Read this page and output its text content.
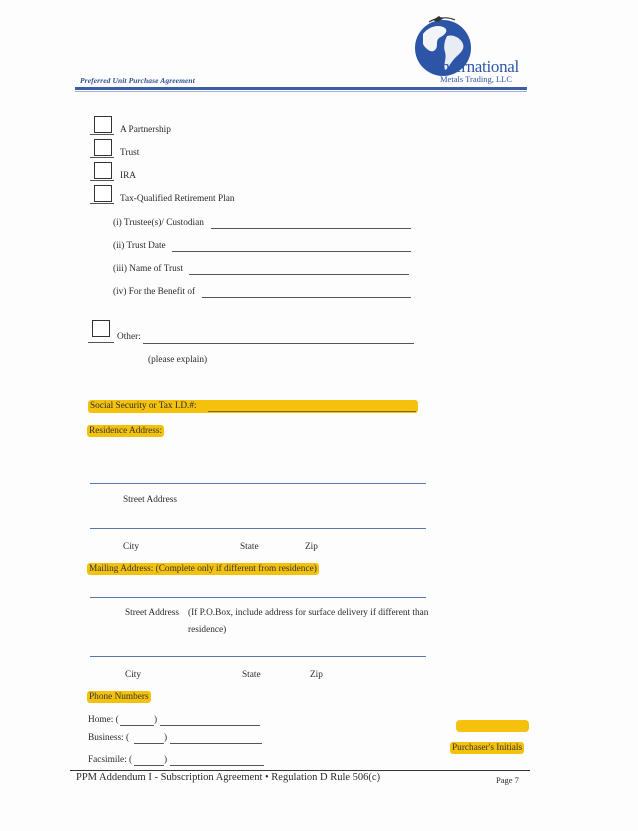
Preferred Unit Purchase Agreement
International
Metals Trading, LLC
A Partnership
Trust
IRA
Tax-Qualified Retirement Plan
(i) Trustee(s)/ Custodian
(ii) Trust Date
(iii) Name of Trust
(iv) For the Benefit of
Other:
(please explain)
Social Security or Tax I.D.#:
Residence Address:
Street Address
City	State	Zip
Mailing Address: (Complete only if different from residence)
Street Address (If P.O.Box, include address for surface delivery if different than
residence)
City	State	Zip
Phone Numbers
Home: (	)
Business: (	)
Facsimile: (	)
Purchaser's Initials
PPM Addendum I - Subscription Agreement • Regulation D Rule 506(c)	Page 7
